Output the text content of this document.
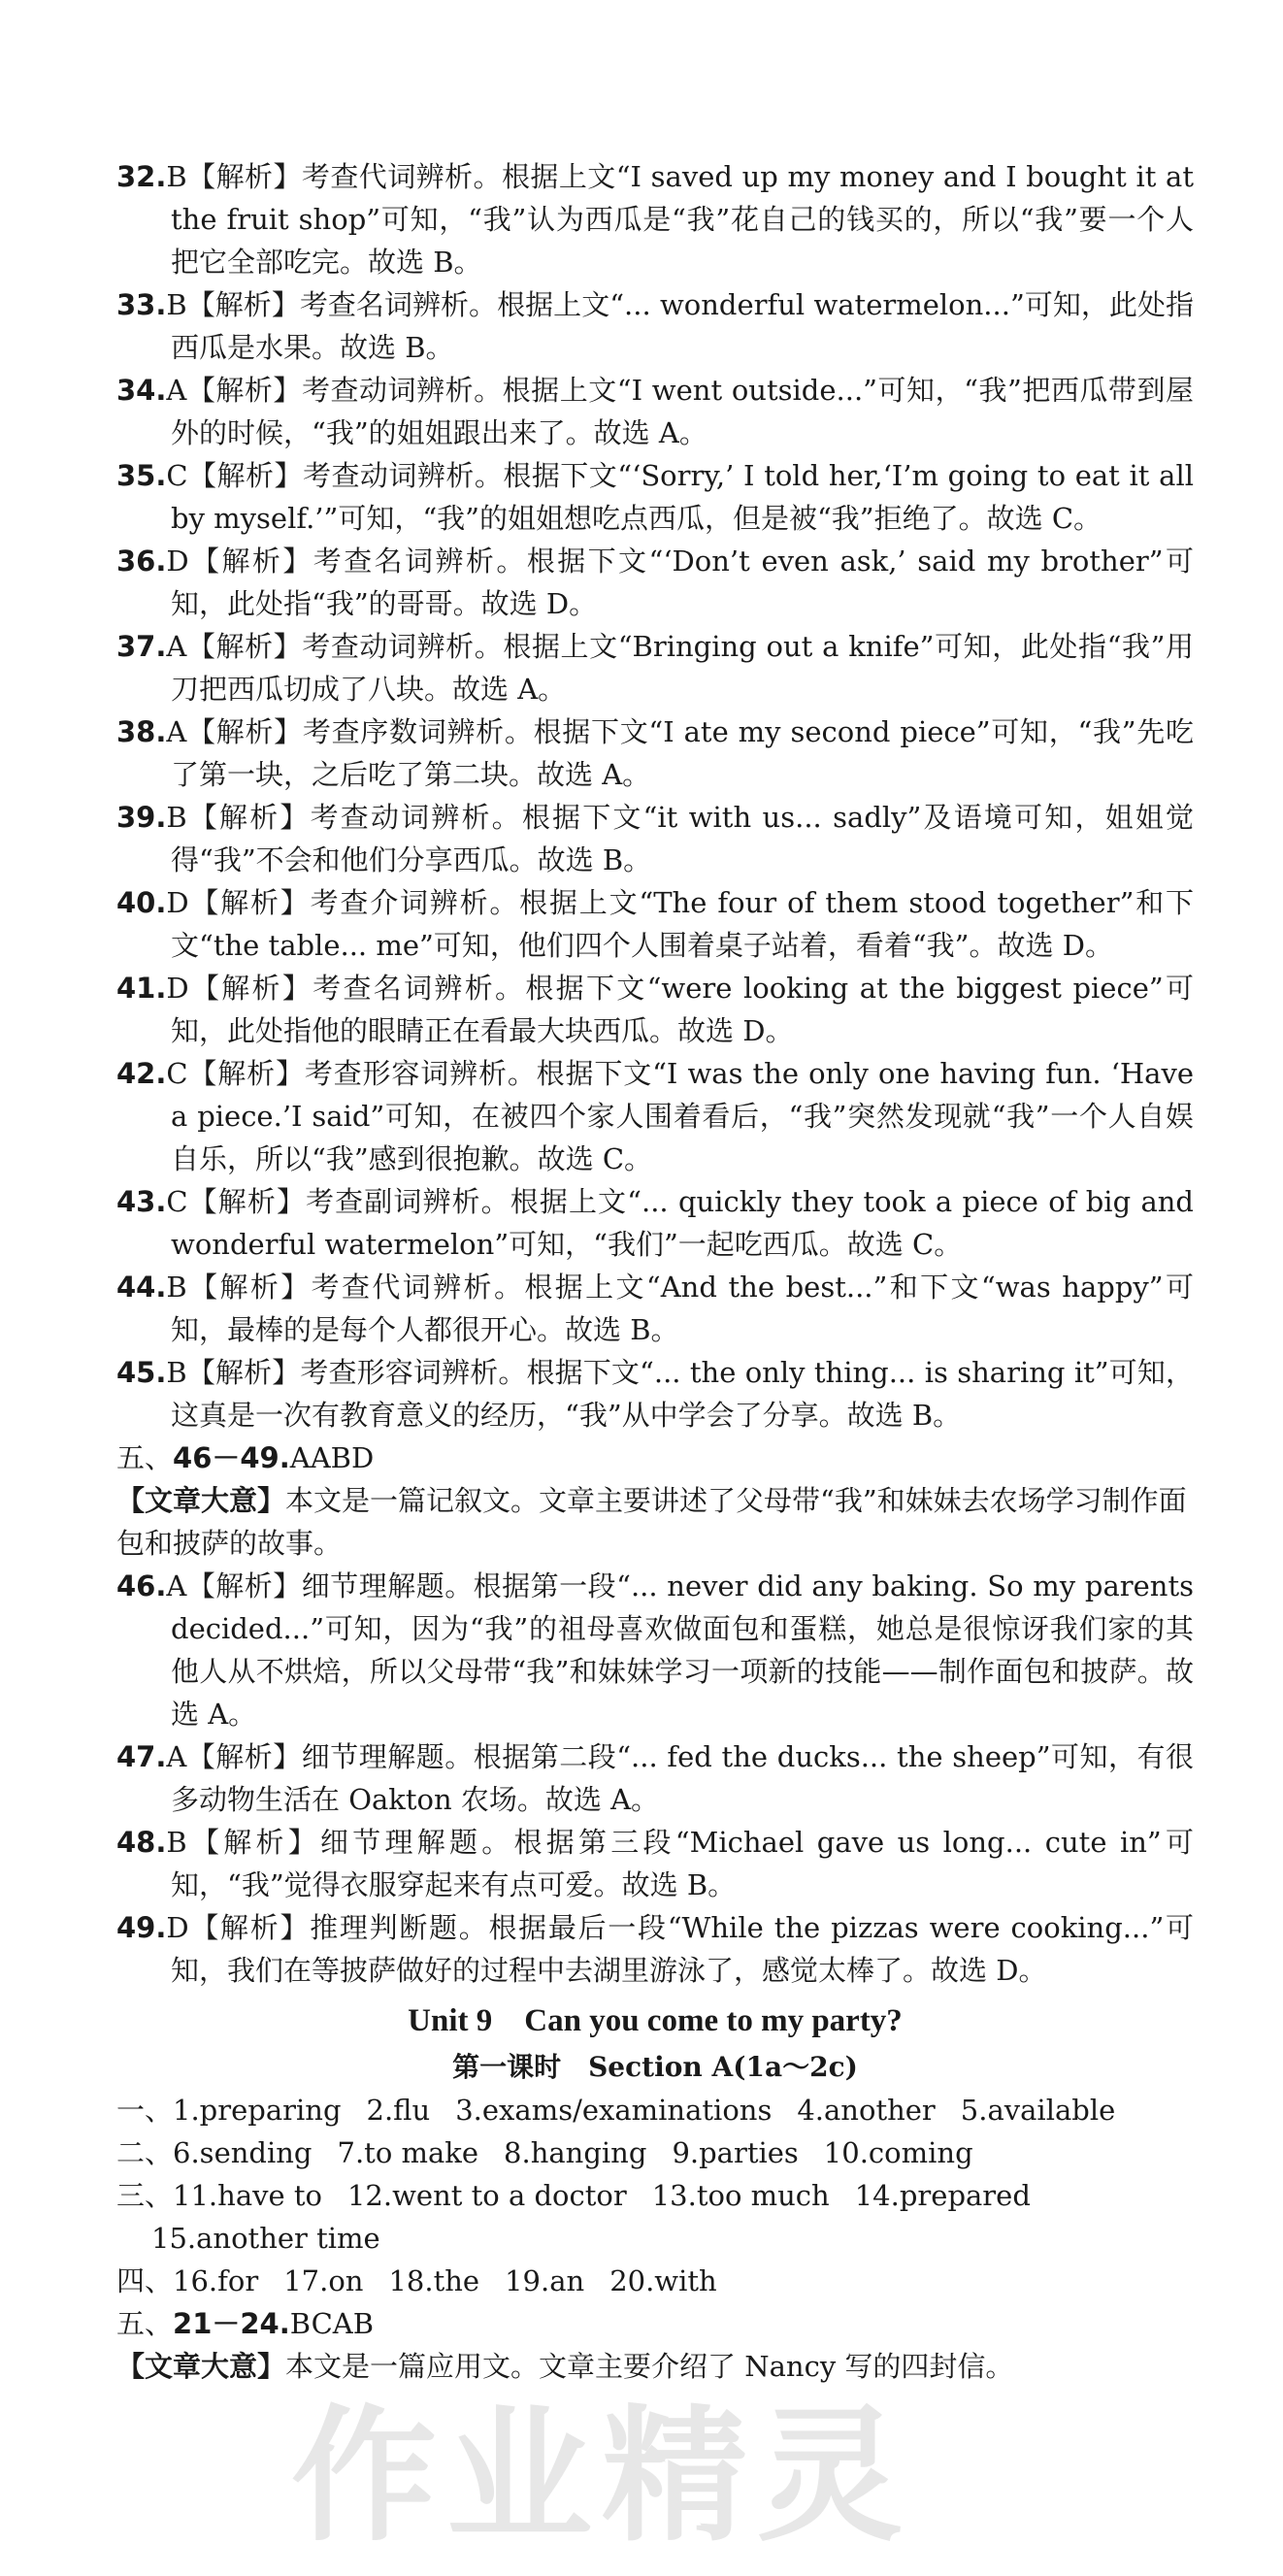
32.B【解析】考查代词辨析。根据上文“I saved up my money and I bought it at the fruit shop”可知，“我”认为西瓜是“我”花自己的钱买的，所以“我”要一个人把它全部吃完。故选 B。

33.B【解析】考查名词辨析。根据上文“... wonderful watermelon...”可知，此处指西瓜是水果。故选 B。

34.A【解析】考查动词辨析。根据上文“I went outside...”可知，“我”把西瓜带到屋外的时候，“我”的姐姐跟出来了。故选 A。

35.C【解析】考查动词辨析。根据下文“‘Sorry,’ I told her,‘I’m going to eat it all by myself.’”可知，“我”的姐姐想吃点西瓜，但是被“我”拒绝了。故选 C。

36.D【解析】考查名词辨析。根据下文“‘Don’t even ask,’ said my brother”可知，此处指“我”的哥哥。故选 D。

37.A【解析】考查动词辨析。根据上文“Bringing out a knife”可知，此处指“我”用刀把西瓜切成了八块。故选 A。

38.A【解析】考查序数词辨析。根据下文“I ate my second piece”可知，“我”先吃了第一块，之后吃了第二块。故选 A。

39.B【解析】考查动词辨析。根据下文“it with us... sadly”及语境可知，姐姐觉得“我”不会和他们分享西瓜。故选 B。

40.D【解析】考查介词辨析。根据上文“The four of them stood together”和下文“the table... me”可知，他们四个人围着桌子站着，看着“我”。故选 D。

41.D【解析】考查名词辨析。根据下文“were looking at the biggest piece”可知，此处指他的眼睛正在看最大块西瓜。故选 D。

42.C【解析】考查形容词辨析。根据下文“I was the only one having fun. ‘Have a piece.’I said”可知，在被四个家人围着看后，“我”突然发现就“我”一个人自娱自乐，所以“我”感到很抱歉。故选 C。

43.C【解析】考查副词辨析。根据上文“... quickly they took a piece of big and wonderful watermelon”可知，“我们”一起吃西瓜。故选 C。

44.B【解析】考查代词辨析。根据上文“And the best...”和下文“was happy”可知，最棒的是每个人都很开心。故选 B。

45.B【解析】考查形容词辨析。根据下文“... the only thing... is sharing it”可知，这真是一次有教育意义的经历，“我”从中学会了分享。故选 B。

五、46－49.AABD

【文章大意】本文是一篇记叙文。文章主要讲述了父母带“我”和妹妹去农场学习制作面包和披萨的故事。

46.A【解析】细节理解题。根据第一段“... never did any baking. So my parents decided...”可知，因为“我”的祖母喜欢做面包和蛋糕，她总是很惊讶我们家的其他人从不烘焙，所以父母带“我”和妹妹学习一项新的技能——制作面包和披萨。故选 A。

47.A【解析】细节理解题。根据第二段“... fed the ducks... the sheep”可知，有很多动物生活在 Oakton 农场。故选 A。

48.B【解析】细节理解题。根据第三段“Michael gave us long... cute in”可知，“我”觉得衣服穿起来有点可爱。故选 B。

49.D【解析】推理判断题。根据最后一段“While the pizzas were cooking...”可知，我们在等披萨做好的过程中去湖里游泳了，感觉太棒了。故选 D。

Unit 9　Can you come to my party?
第一课时　Section A(1a～2c)

一、1.preparing 2.flu 3.exams/examinations 4.another 5.available

二、6.sending 7.to make 8.hanging 9.parties 10.coming

三、11.have to 12.went to a doctor 13.too much 14.prepared

15.another time

四、16.for 17.on 18.the 19.an 20.with

五、21－24.BCAB

【文章大意】本文是一篇应用文。文章主要介绍了 Nancy 写的四封信。

作业精灵
